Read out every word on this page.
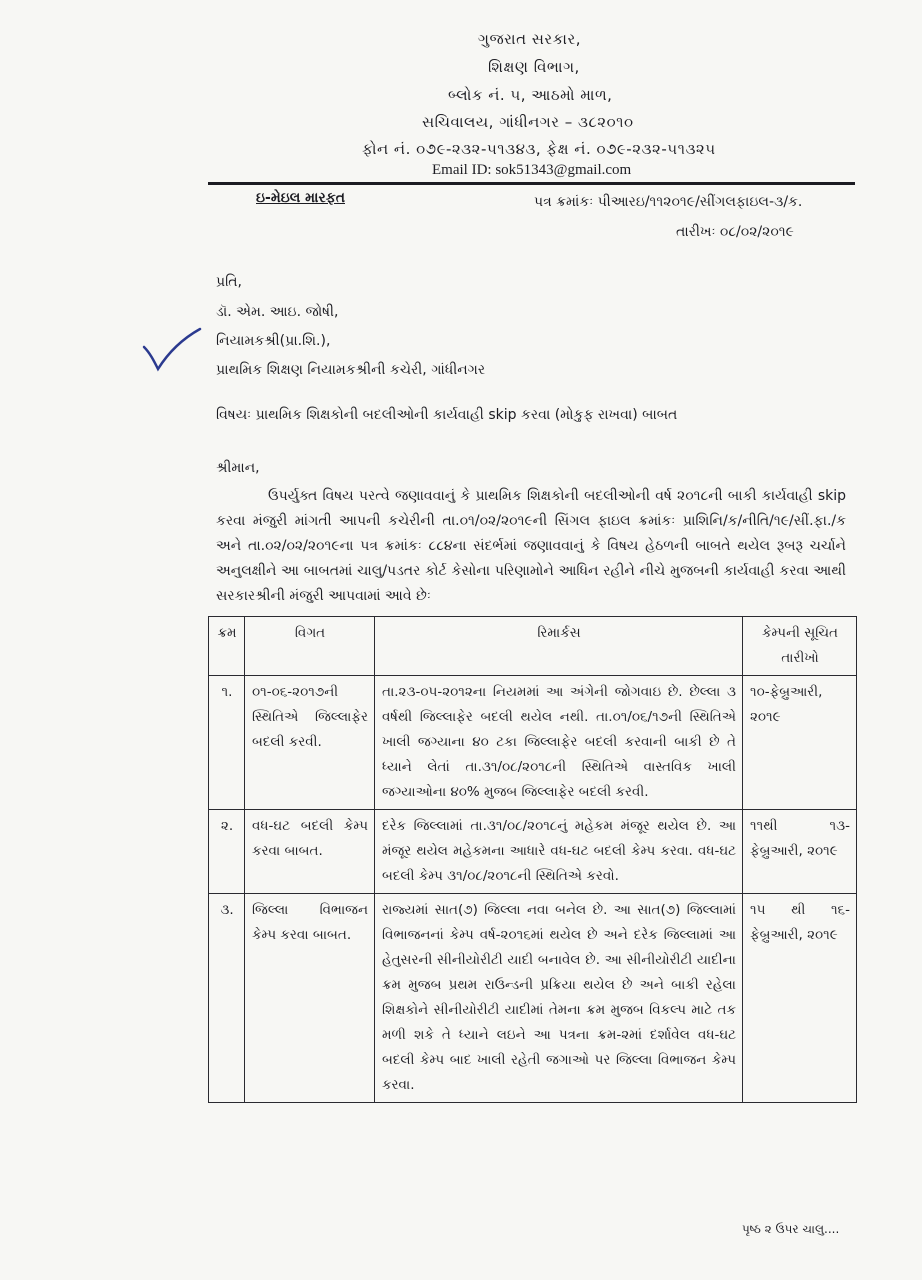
ગુજરાત સરકાર,
શિક્ષણ વિભાગ,
બ્લોક નં. ૫, આઠમો માળ,
સચિવાલય, ગાંધીનગર – ૩૮૨૦૧૦
ફોન નં. ૦૭૯-૨૩૨-૫૧૩૪૩, ફેક્ષ નં. ૦૭૯-૨૩૨-૫૧૩૨૫
Email ID: sok51343@gmail.com
ઇ-મેઇલ મારફત	પત્ર ક્રમાંકઃ પીઆરઇ/૧૧૨૦૧૯/સીંગલફાઇલ-૩/ક.
તારીખઃ ૦૮/૦૨/૨૦૧૯
પ્રતિ,
ડૉ. એમ. આઇ. જોષી,
નિયામકશ્રી(પ્રા.શિ.),
પ્રાથમિક શિક્ષણ નિયામકશ્રીની કચેરી, ગાંધીનગર
વિષયઃ પ્રાથમિક શિક્ષકોની બદલીઓની કાર્યવાહી skip કરવા (મોકુફ રાખવા) બાબત
શ્રીમાન,
ઉપર્યુક્ત વિષય પરત્વે જણાવવાનું કે પ્રાથમિક શિક્ષકોની બદલીઓની વર્ષ ૨૦૧૮ની બાકી કાર્યવાહી skip કરવા મંજુરી માંગતી આપની કચેરીની તા.૦૧/૦૨/૨૦૧૯ની સિંગલ ફાઇલ ક્રમાંકઃ પ્રાશિનિ/ક/નીતિ/૧૯/સીં.ફા./ક અને તા.૦૨/૦૨/૨૦૧૯ના પત્ર ક્રમાંકઃ ૮૮૪ના સંદર્ભમાં જણાવવાનું કે વિષય હેઠળની બાબતે થયેલ રૂબરૂ ચર્ચાને અનુલક્ષીને આ બાબતમાં ચાલુ/પડતર કોર્ટ કેસોના પરિણામોને આધિન રહીને નીચે મુજબની કાર્યવાહી કરવા આથી સરકારશ્રીની મંજુરી આપવામાં આવે છેઃ
ક્રમ	વિગત	રિમાર્કસ	કેમ્પની સૂચિત તારીખો
૧.	૦૧-૦૬-૨૦૧૭ની સ્થિતિએ જિલ્લાફેર બદલી કરવી.	તા.૨૩-૦૫-૨૦૧૨ના નિયમમાં આ અંગેની જોગવાઇ છે. છેલ્લા ૩ વર્ષથી જિલ્લાફેર બદલી થયેલ નથી. તા.૦૧/૦૬/૧૭ની સ્થિતિએ ખાલી જગ્યાના ૪૦ ટકા જિલ્લાફેર બદલી કરવાની બાકી છે તે ધ્યાને લેતાં તા.૩૧/૦૮/૨૦૧૮ની સ્થિતિએ વાસ્તવિક ખાલી જગ્યાઓના ૪૦% મુજબ જિલ્લાફેર બદલી કરવી.	૧૦-ફેબ્રુઆરી, ૨૦૧૯
૨.	વધ-ઘટ બદલી કેમ્પ કરવા બાબત.	દરેક જિલ્લામાં તા.૩૧/૦૮/૨૦૧૮નું મહેકમ મંજૂર થયેલ છે. આ મંજૂર થયેલ મહેકમના આધારે વધ-ઘટ બદલી કેમ્પ કરવા. વધ-ઘટ બદલી કેમ્પ ૩૧/૦૮/૨૦૧૮ની સ્થિતિએ કરવો.	૧૧થી ૧૩-ફેબ્રુઆરી, ૨૦૧૯
૩.	જિલ્લા વિભાજન કેમ્પ કરવા બાબત.	રાજ્યમાં સાત(૭) જિલ્લા નવા બનેલ છે. આ સાત(૭) જિલ્લામાં વિભાજનનાં કેમ્પ વર્ષ-૨૦૧૬માં થયેલ છે અને દરેક જિલ્લામાં આ હેતુસરની સીનીયોરીટી યાદી બનાવેલ છે. આ સીનીયોરીટી યાદીના ક્રમ મુજબ પ્રથમ રાઉન્ડની પ્રક્રિયા થયેલ છે અને બાકી રહેલા શિક્ષકોને સીનીયોરીટી યાદીમાં તેમના ક્રમ મુજબ વિકલ્પ માટે તક મળી શકે તે ધ્યાને લઇને આ પત્રના ક્રમ-૨માં દર્શાવેલ વધ-ઘટ બદલી કેમ્પ બાદ ખાલી રહેતી જગાઓ પર જિલ્લા વિભાજન કેમ્પ કરવા.	૧૫ થી ૧૬-ફેબ્રુઆરી, ૨૦૧૯
પૃષ્ઠ ૨ ઉપર ચાલુ....
